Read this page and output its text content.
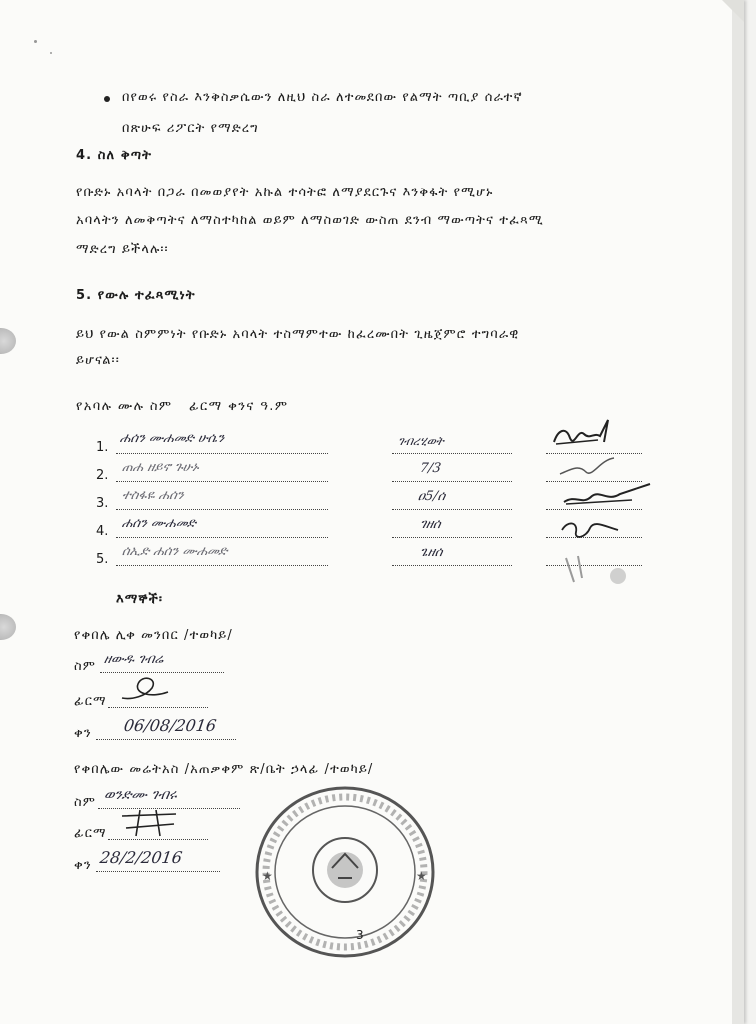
በየወሩ የስራ እንቅስቃሴውን ለዚህ ስራ ለተመደበው የልማት ጣቢያ ሰራተኛ
በጽሁፍ ሪፖርት የማድረግ
4. ስለ ቅጣት
የቡድኑ አባላት በጋራ በመወያየት አኩል ተሳትፎ ለማያደርጉና እንቅፋት የሚሆኑ
አባላትን ለመቅጣትና ለማስተካከል ወይም ለማስወገድ ውስጠ ደንብ ማውጣትና ተፈጻሚ
ማድረግ ይችላሉ፡፡
5. የውሉ ተፈጻሚነት
ይህ የውል ስምምነት የቡድኑ አባላት ተስማምተው ከፈረሙበት ጊዜጀምሮ ተግባራዊ
ይሆናል፡፡
የአባሉ ሙሉ ስም   ፊርማ ቀንና ዓ.ም
1.
ሐሰን ሙሐመድ ሁሴን	ገብረሂወት
2.
ጠሐ ዘይኖ ጉሁኑ	7/3
3.
ተስፋዬ ሐሰን	ዐ5/ሰ
4.
ሐሰን ሙሐመድ	ገዘሰ
5.
ሰኢድ ሐሰን ሙሐመድ	ጌዘሰ
እማኞች፡
የቀበሌ ሊቀ መንበር /ተወካይ/
ስም ዘውዱ ገብሬ
ፊርማ
ቀን 06/08/2016
የቀበሌው መሬትአስ /አጠቃቀም ጽ/ቤት ኃላፊ /ተወካይ/
ስም ወንድሙ ገብሩ
ፊርማ
ቀን 28/2/2016
★	★
3
